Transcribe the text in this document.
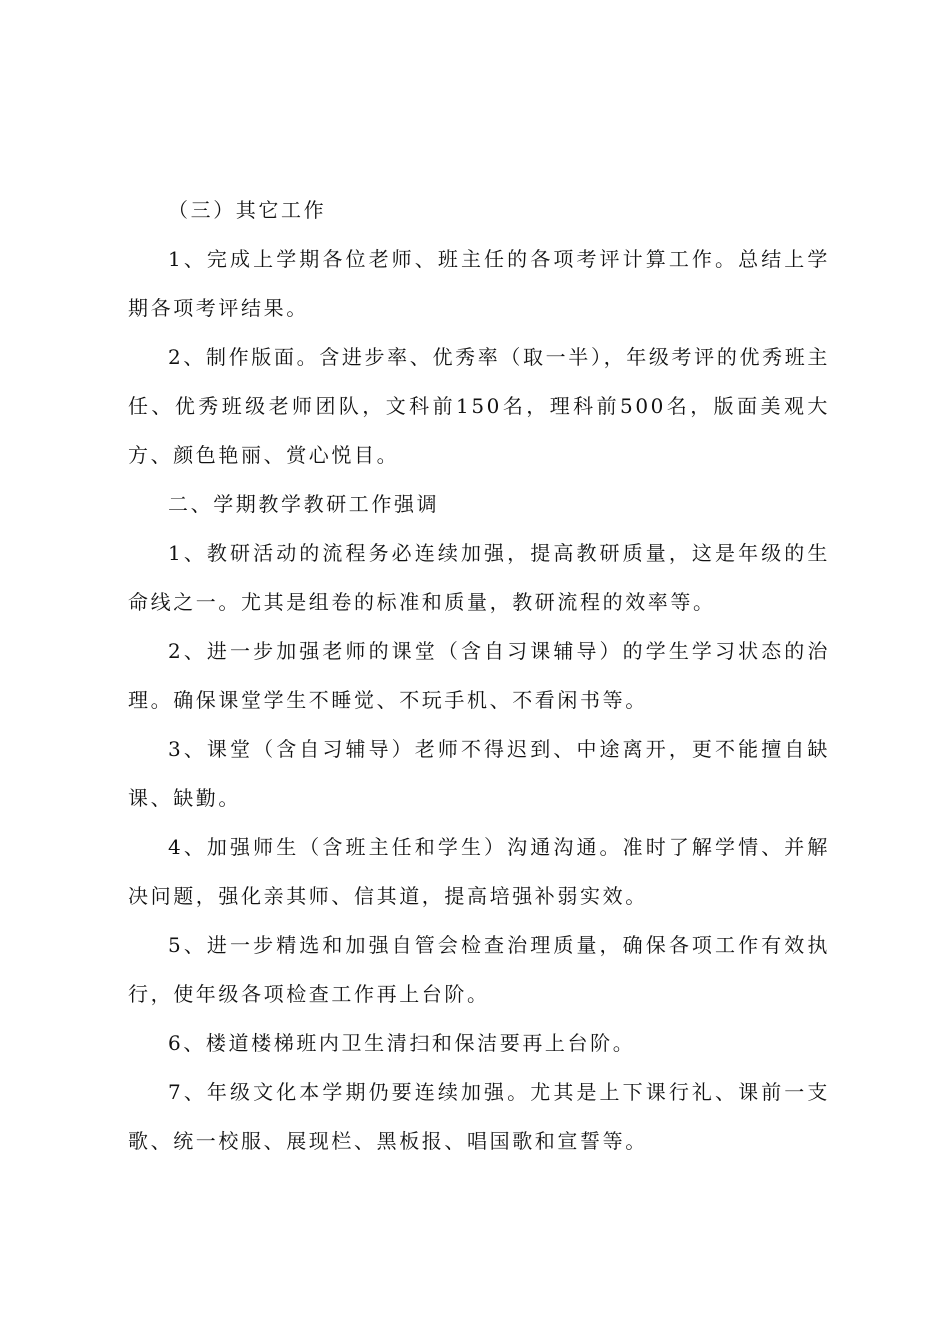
（三）其它工作

1、完成上学期各位老师、班主任的各项考评计算工作。总结上学期各项考评结果。

2、制作版面。含进步率、优秀率（取一半），年级考评的优秀班主任、优秀班级老师团队，文科前150名，理科前500名，版面美观大方、颜色艳丽、赏心悦目。

二、学期教学教研工作强调

1、教研活动的流程务必连续加强，提高教研质量，这是年级的生命线之一。尤其是组卷的标准和质量，教研流程的效率等。

2、进一步加强老师的课堂（含自习课辅导）的学生学习状态的治理。确保课堂学生不睡觉、不玩手机、不看闲书等。

3、课堂（含自习辅导）老师不得迟到、中途离开，更不能擅自缺课、缺勤。

4、加强师生（含班主任和学生）沟通沟通。准时了解学情、并解决问题，强化亲其师、信其道，提高培强补弱实效。

5、进一步精选和加强自管会检查治理质量，确保各项工作有效执行，使年级各项检查工作再上台阶。

6、楼道楼梯班内卫生清扫和保洁要再上台阶。

7、年级文化本学期仍要连续加强。尤其是上下课行礼、课前一支歌、统一校服、展现栏、黑板报、唱国歌和宣誓等。
